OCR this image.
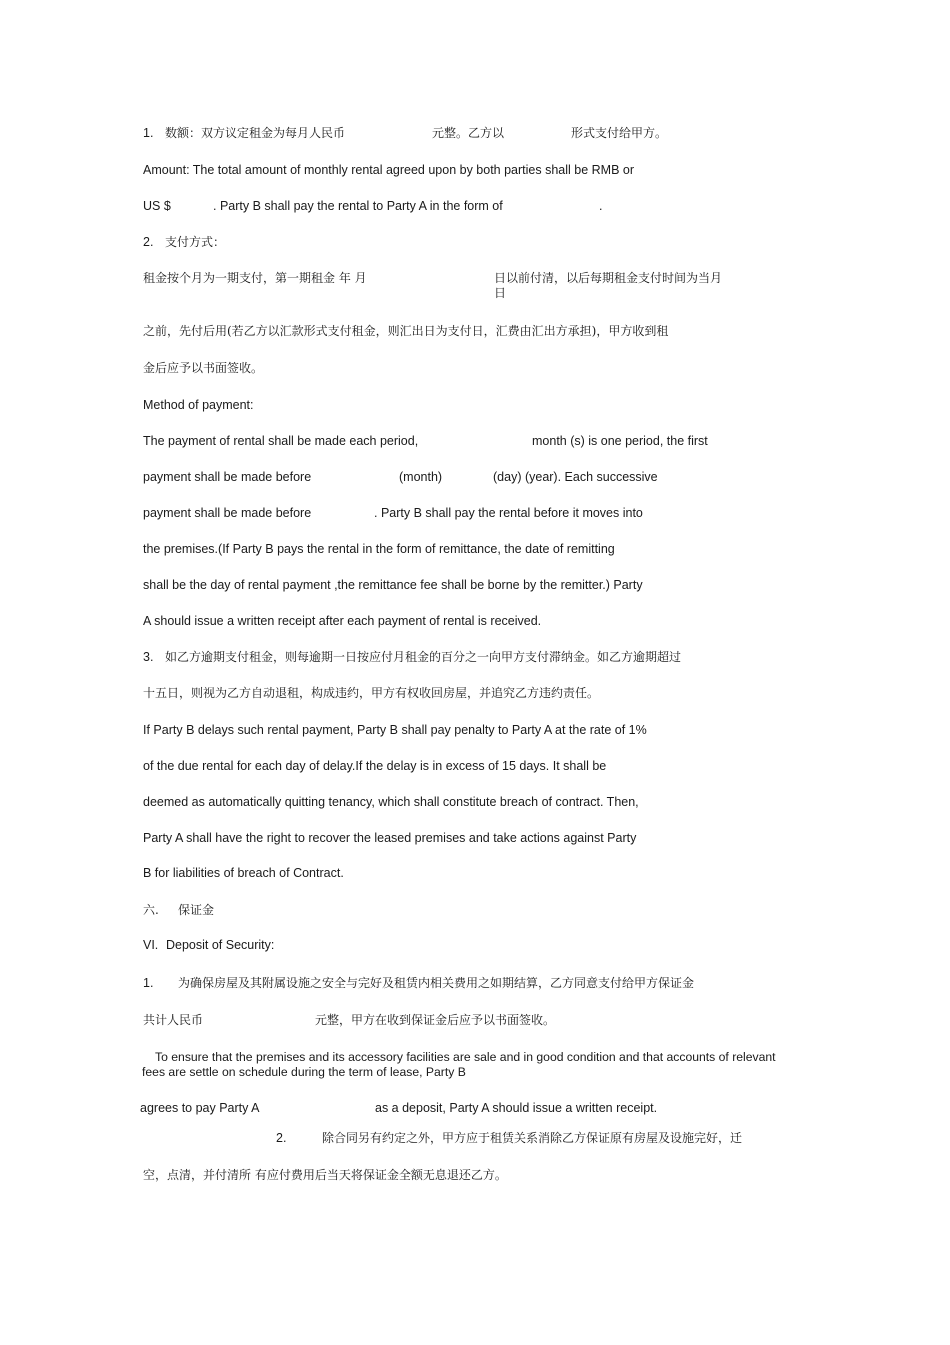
1. 数额：双方议定租金为每月人民币	元整。乙方以	形式支付给甲方。
Amount: The total amount of monthly rental agreed upon by both parties shall be RMB or
US $	. Party B shall pay the rental to Party A in the form of	.
2. 支付方式：
租金按个月为一期支付，第一期租金 年 月	日以前付清，以后每期租金支付时间为当月
日
之前，先付后用(若乙方以汇款形式支付租金，则汇出日为支付日，汇费由汇出方承担)，甲方收到租
金后应予以书面签收。
Method of payment:
The payment of rental shall be made each period,	month (s) is one period, the first
payment shall be made before	(month)	(day) (year). Each successive
payment shall be made before	. Party B shall pay the rental before it moves into
the premises.(If Party B pays the rental in the form of remittance, the date of remitting
shall be the day of rental payment ,the remittance fee shall be borne by the remitter.) Party
A should issue a written receipt after each payment of rental is received.
3. 如乙方逾期支付租金，则每逾期一日按应付月租金的百分之一向甲方支付滞纳金。如乙方逾期超过
十五日，则视为乙方自动退租，构成违约，甲方有权收回房屋，并追究乙方违约责任。
If Party B delays such rental payment, Party B shall pay penalty to Party A at the rate of 1%
of the due rental for each day of delay.If the delay is in excess of 15 days. It shall be
deemed as automatically quitting tenancy, which shall constitute breach of contract. Then,
Party A shall have the right to recover the leased premises and take actions against Party
B for liabilities of breach of Contract.
六. 保证金
VI. Deposit of Security:
1. 为确保房屋及其附属设施之安全与完好及租赁内相关费用之如期结算，乙方同意支付给甲方保证金
共计人民币	元整，甲方在收到保证金后应予以书面签收。
To ensure that the premises and its accessory facilities are sale and in good condition and that accounts of relevant fees are settle on schedule during the term of lease, Party B
agrees to pay Party A	as a deposit, Party A should issue a written receipt.
2.	除合同另有约定之外，甲方应于租赁关系消除乙方保证原有房屋及设施完好，迁
空，点清，并付清所 有应付费用后当天将保证金全额无息退还乙方。
